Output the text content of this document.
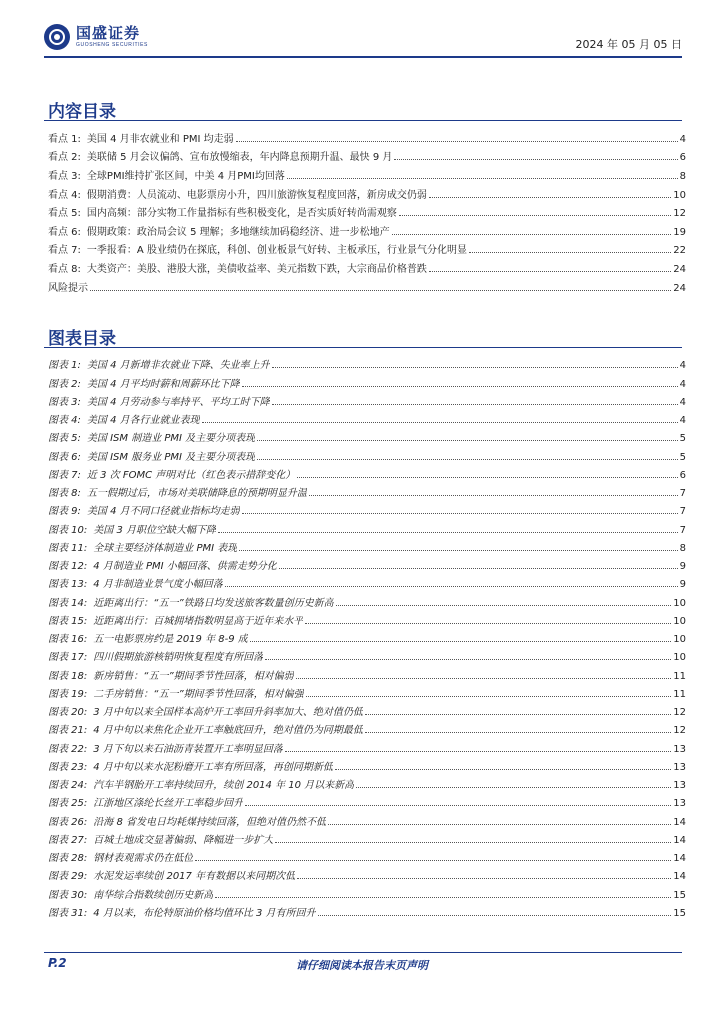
国盛证券
GUOSHENG SECURITIES	2024 年 05 月 05 日
内容目录
看点 1: 美国 4 月非农就业和 PMI 均走弱	4
看点 2: 美联储 5 月会议偏鸽、宣布放慢缩表，年内降息预期升温、最快 9 月	6
看点 3: 全球PMI维持扩张区间，中美 4 月PMI均回落	8
看点 4: 假期消费：人员流动、电影票房小升，四川旅游恢复程度回落，新房成交仍弱	10
看点 5: 国内高频：部分实物工作量指标有些积极变化，是否实质好转尚需观察	12
看点 6: 假期政策：政治局会议 5 理解；多地继续加码稳经济、进一步松地产	19
看点 7: 一季报看：A 股业绩仍在探底，科创、创业板景气好转、主板承压，行业景气分化明显	22
看点 8: 大类资产：美股、港股大涨，美债收益率、美元指数下跌，大宗商品价格普跌	24
风险提示	24
图表目录
图表 1: 美国 4 月新增非农就业下降、失业率上升	4
图表 2: 美国 4 月平均时薪和周薪环比下降	4
图表 3: 美国 4 月劳动参与率持平、平均工时下降	4
图表 4: 美国 4 月各行业就业表现	4
图表 5: 美国 ISM 制造业 PMI 及主要分项表现	5
图表 6: 美国 ISM 服务业 PMI 及主要分项表现	5
图表 7: 近 3 次 FOMC 声明对比（红色表示措辞变化）	6
图表 8: 五一假期过后，市场对美联储降息的预期明显升温	7
图表 9: 美国 4 月不同口径就业指标均走弱	7
图表 10: 美国 3 月职位空缺大幅下降	7
图表 11: 全球主要经济体制造业 PMI 表现	8
图表 12: 4 月制造业 PMI 小幅回落、供需走势分化	9
图表 13: 4 月非制造业景气度小幅回落	9
图表 14: 近距离出行：“五一”铁路日均发送旅客数量创历史新高	10
图表 15: 近距离出行：百城拥堵指数明显高于近年来水平	10
图表 16: 五一电影票房约是 2019 年 8-9 成	10
图表 17: 四川假期旅游核销明恢复程度有所回落	10
图表 18: 新房销售：“五一”期间季节性回落，相对偏弱	11
图表 19: 二手房销售：“五一”期间季节性回落，相对偏强	11
图表 20: 3 月中旬以来全国样本高炉开工率回升斜率加大、绝对值仍低	12
图表 21: 4 月中旬以来焦化企业开工率触底回升，绝对值仍为同期最低	12
图表 22: 3 月下旬以来石油沥青装置开工率明显回落	13
图表 23: 4 月中旬以来水泥粉磨开工率有所回落，再创同期新低	13
图表 24: 汽车半钢胎开工率持续回升，续创 2014 年 10 月以来新高	13
图表 25: 江浙地区涤纶长丝开工率稳步回升	13
图表 26: 沿海 8 省发电日均耗煤持续回落，但绝对值仍然不低	14
图表 27: 百城土地成交显著偏弱、降幅进一步扩大	14
图表 28: 钢材表观需求仍在低位	14
图表 29: 水泥发运率续创 2017 年有数据以来同期次低	14
图表 30: 南华综合指数续创历史新高	15
图表 31: 4 月以来，布伦特原油价格均值环比 3 月有所回升	15
P.2	请仔细阅读本报告末页声明
